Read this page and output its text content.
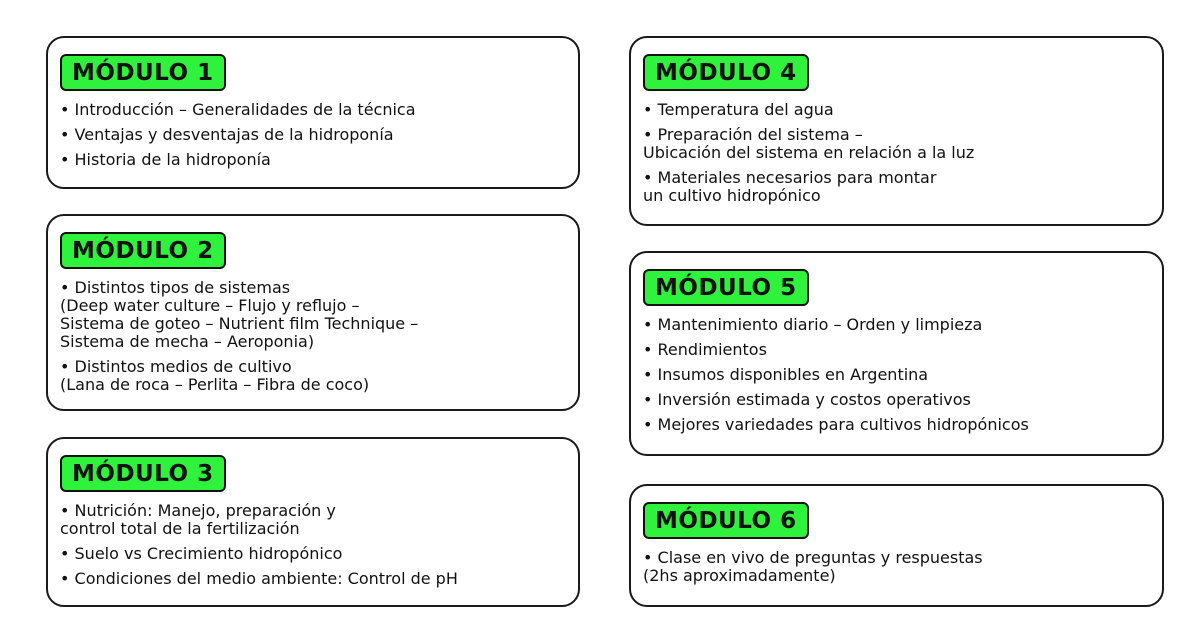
MÓDULO 1
• Introducción – Generalidades de la técnica
• Ventajas y desventajas de la hidroponía
• Historia de la hidroponía
MÓDULO 2
• Distintos tipos de sistemas
(Deep water culture – Flujo y reflujo –
Sistema de goteo – Nutrient film Technique –
Sistema de mecha – Aeroponia)
• Distintos medios de cultivo
(Lana de roca – Perlita – Fibra de coco)
MÓDULO 3
• Nutrición: Manejo, preparación y
control total de la fertilización
• Suelo vs Crecimiento hidropónico
• Condiciones del medio ambiente: Control de pH
MÓDULO 4
• Temperatura del agua
• Preparación del sistema –
Ubicación del sistema en relación a la luz
• Materiales necesarios para montar
un cultivo hidropónico
MÓDULO 5
• Mantenimiento diario – Orden y limpieza
• Rendimientos
• Insumos disponibles en Argentina
• Inversión estimada y costos operativos
• Mejores variedades para cultivos hidropónicos
MÓDULO 6
• Clase en vivo de preguntas y respuestas
(2hs aproximadamente)
